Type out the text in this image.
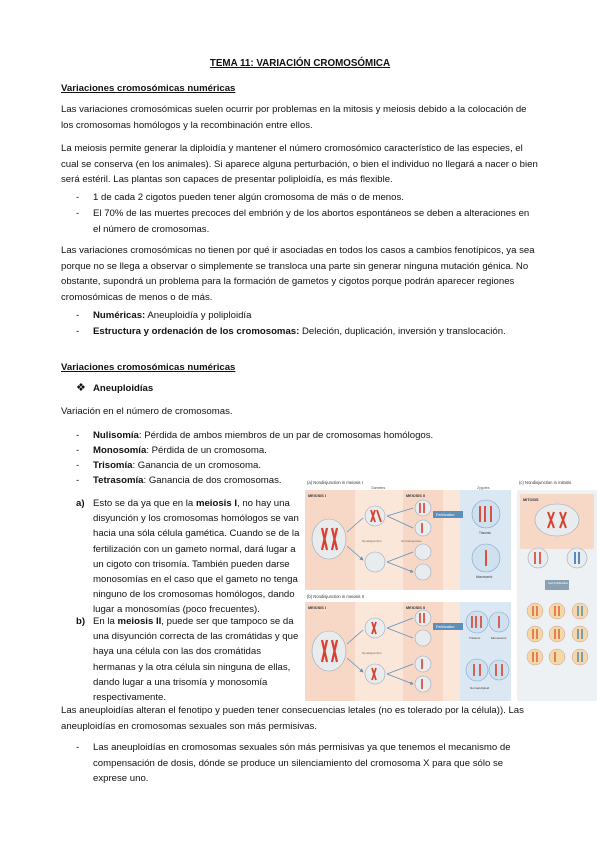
TEMA 11: VARIACIÓN CROMOSÓMICA

Variaciones cromosómicas numéricas

Las variaciones cromosómicas suelen ocurrir por problemas en la mitosis y meiosis debido a la colocación de los cromosomas homólogos y la recombinación entre ellos.

La meiosis permite generar la diploidía y mantener el número cromosómico característico de las especies, el cual se conserva (en los animales). Si aparece alguna perturbación, o bien el individuo no llegará a nacer o bien será estéril. Las plantas son capaces de presentar poliploidía, es más flexible.

- 1 de cada 2 cigotos pueden tener algún cromosoma de más o de menos.

- El 70% de las muertes precoces del embrión y de los abortos espontáneos se deben a alteraciones en el número de cromosomas.

Las variaciones cromosómicas no tienen por qué ir asociadas en todos los casos a cambios fenotípicos, ya sea porque no se llega a observar o simplemente se transloca una parte sin generar ninguna mutación génica. No obstante, supondrá un problema para la formación de gametos y cigotos porque podrán aparecer regiones cromosómicas de menos o de más.

- Numéricas: Aneuploidía y poliploidía

- Estructura y ordenación de los cromosomas: Deleción, duplicación, inversión y translocación.

Variaciones cromosómicas numéricas

❖ Aneuploidías

Variación en el número de cromosomas.

- Nulisomía: Pérdida de ambos miembros de un par de cromosomas homólogos.

- Monosomía: Pérdida de un cromosoma.

- Trisomía: Ganancia de un cromosoma.

- Tetrasomía: Ganancia de dos cromosomas.

a) Esto se da ya que en la meiosis I, no hay una

disyunción y los cromosomas homólogos se van

hacia una sóla célula gamética. Cuando se de la

fertilización con un gameto normal, dará lugar a

un cigoto con trisomía. También pueden darse

monosomías en el caso que el gameto no tenga

ninguno de los cromosomas homólogos, dando

lugar a monosomías (poco frecuentes).

b) En la meiosis II, puede ser que tampoco se da

una disyunción correcta de las cromátidas y que

haya una célula con las dos cromátidas

hermanas y la otra célula sin ninguna de ellas,

dando lugar a una trisomía y monosomía

respectivamente.

(a) Nondisjunction in meiosis I
MEIOSIS I	MEIOSIS II
Gametes	Zygotes
Nondisjunction	Normal gamete
Fertilization
Trisomic
Monosomic
(b) Nondisjunction in meiosis II
MEIOSIS I	MEIOSIS II
Nondisjunction
Fertilization
Trisomic	Monosomic
Normal diploid
(c) Nondisjunction in mitosis
MITOSIS
Cell proliferation

Las aneuploidías alteran el fenotipo y pueden tener consecuencias letales (no es tolerado por la célula)). Las aneuploidías en cromosomas sexuales son más permisivas.

- Las aneuploidías en cromosomas sexuales són más permisivas ya que tenemos el mecanismo de compensación de dosis, dónde se produce un silenciamiento del cromosoma X para que sólo se exprese uno.
